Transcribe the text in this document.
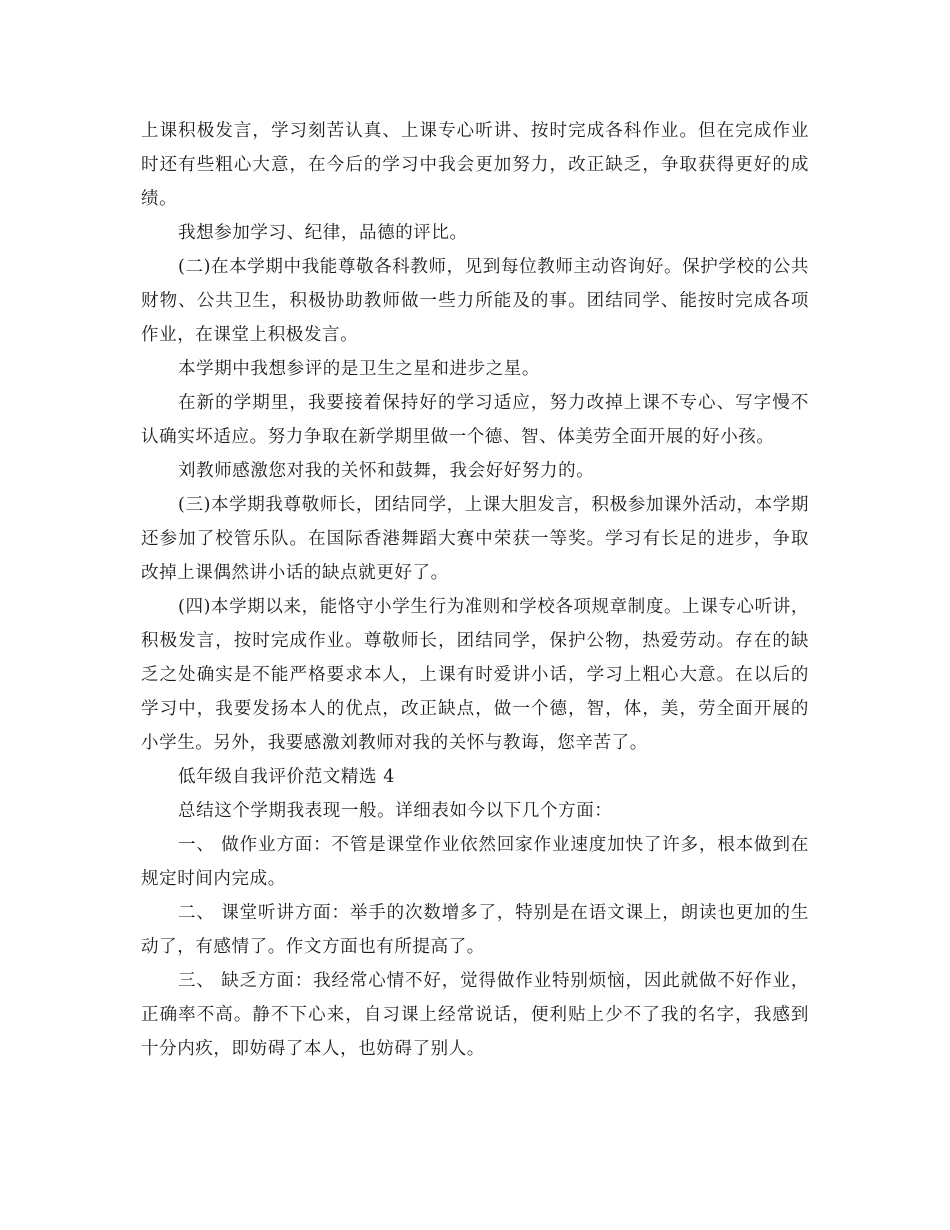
上课积极发言，学习刻苦认真、上课专心听讲、按时完成各科作业。但在完成作业时还有些粗心大意，在今后的学习中我会更加努力，改正缺乏，争取获得更好的成绩。

我想参加学习、纪律，品德的评比。

(二)在本学期中我能尊敬各科教师，见到每位教师主动咨询好。保护学校的公共财物、公共卫生，积极协助教师做一些力所能及的事。团结同学、能按时完成各项作业，在课堂上积极发言。

本学期中我想参评的是卫生之星和进步之星。

在新的学期里，我要接着保持好的学习适应，努力改掉上课不专心、写字慢不认确实坏适应。努力争取在新学期里做一个德、智、体美劳全面开展的好小孩。

刘教师感激您对我的关怀和鼓舞，我会好好努力的。

(三)本学期我尊敬师长，团结同学，上课大胆发言，积极参加课外活动，本学期还参加了校管乐队。在国际香港舞蹈大赛中荣获一等奖。学习有长足的进步，争取改掉上课偶然讲小话的缺点就更好了。

(四)本学期以来，能恪守小学生行为准则和学校各项规章制度。上课专心听讲，积极发言，按时完成作业。尊敬师长，团结同学，保护公物，热爱劳动。存在的缺乏之处确实是不能严格要求本人，上课有时爱讲小话，学习上粗心大意。在以后的学习中，我要发扬本人的优点，改正缺点，做一个德，智，体，美，劳全面开展的小学生。另外，我要感激刘教师对我的关怀与教诲，您辛苦了。

低年级自我评价范文精选 4

总结这个学期我表现一般。详细表如今以下几个方面：

一、 做作业方面：不管是课堂作业依然回家作业速度加快了许多，根本做到在规定时间内完成。

二、 课堂听讲方面：举手的次数增多了，特别是在语文课上，朗读也更加的生动了，有感情了。作文方面也有所提高了。

三、 缺乏方面：我经常心情不好，觉得做作业特别烦恼，因此就做不好作业，正确率不高。静不下心来，自习课上经常说话，便利贴上少不了我的名字，我感到十分内疚，即妨碍了本人，也妨碍了别人。
